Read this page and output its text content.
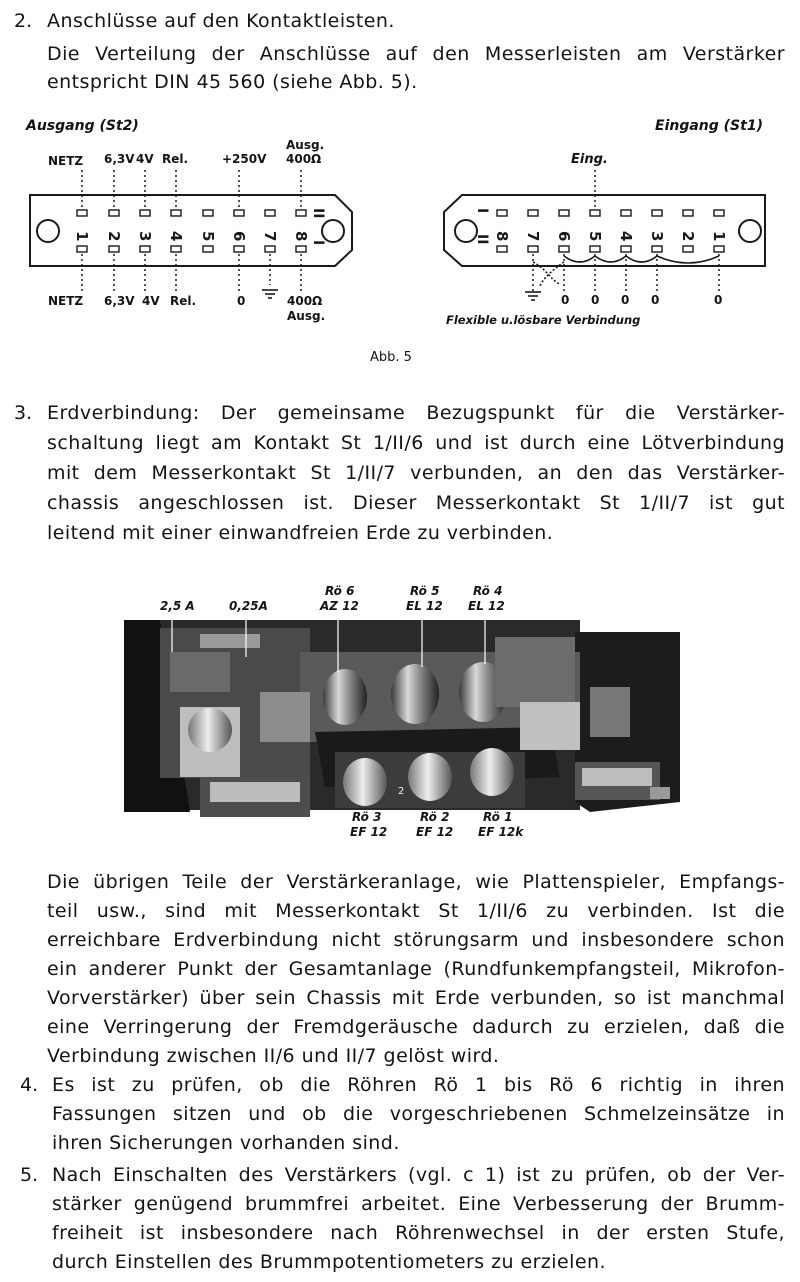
2. Anschlüsse auf den Kontaktleisten.
Die Verteilung der Anschlüsse auf den Messerleisten am Verstärker
entspricht DIN 45 560 (siehe Abb. 5).
Ausgang (St2)	Eingang (St1)
NETZ 6,3V 4V Rel.	+250V
Ausg.
400Ω
NETZ 6,3V 4V Rel.	0	400Ω
Ausg.
Eing.
0 0 0 0	0
Flexible u.lösbare Verbindung
1 2 3 4 5 6 7 8	8 7 6 5 4 3 2 1
II
I
I
II
Abb. 5
3. Erdverbindung: Der gemeinsame Bezugspunkt für die Verstärker-
schaltung liegt am Kontakt St 1/II/6 und ist durch eine Lötverbindung
mit dem Messerkontakt St 1/II/7 verbunden, an den das Verstärker-
chassis angeschlossen ist. Dieser Messerkontakt St 1/II/7 ist gut
leitend mit einer einwandfreien Erde zu verbinden.
2,5 A	0,25A
Rö 6
AZ 12
Rö 5
EL 12
Rö 4
EL 12
2
Rö 3
EF 12
Rö 2
EF 12
Rö 1
EF 12k
Die übrigen Teile der Verstärkeranlage, wie Plattenspieler, Empfangs-
teil usw., sind mit Messerkontakt St 1/II/6 zu verbinden. Ist die
erreichbare Erdverbindung nicht störungsarm und insbesondere schon
ein anderer Punkt der Gesamtanlage (Rundfunkempfangsteil, Mikrofon-
Vorverstärker) über sein Chassis mit Erde verbunden, so ist manchmal
eine Verringerung der Fremdgeräusche dadurch zu erzielen, daß die
Verbindung zwischen II/6 und II/7 gelöst wird.
4. Es ist zu prüfen, ob die Röhren Rö 1 bis Rö 6 richtig in ihren
Fassungen sitzen und ob die vorgeschriebenen Schmelzeinsätze in
ihren Sicherungen vorhanden sind.
5. Nach Einschalten des Verstärkers (vgl. c 1) ist zu prüfen, ob der Ver-
stärker genügend brummfrei arbeitet. Eine Verbesserung der Brumm-
freiheit ist insbesondere nach Röhrenwechsel in der ersten Stufe,
durch Einstellen des Brummpotentiometers zu erzielen.
